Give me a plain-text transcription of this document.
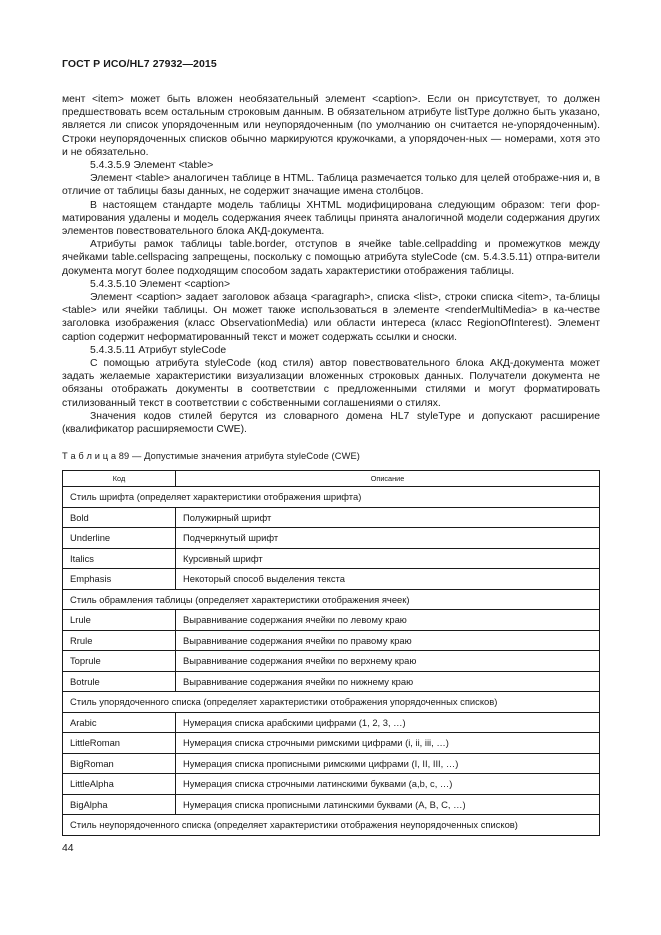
ГОСТ Р ИСО/HL7 27932—2015

мент <item> может быть вложен необязательный элемент <caption>. Если он присутствует, то должен предшествовать всем остальным строковым данным. В обязательном атрибуте listType должно быть указано, является ли список упорядоченным или неупорядоченным (по умолчанию он считается не-упорядоченным). Строки неупорядоченных списков обычно маркируются кружочками, а упорядочен-ных — номерами, хотя это и не обязательно.

5.4.3.5.9 Элемент <table>

Элемент <table> аналогичен таблице в HTML. Таблица размечается только для целей отображе-ния и, в отличие от таблицы базы данных, не содержит значащие имена столбцов.

В настоящем стандарте модель таблицы XHTML модифицирована следующим образом: теги фор-матирования удалены и модель содержания ячеек таблицы принята аналогичной модели содержания других элементов повествовательного блока АКД-документа.

Атрибуты рамок таблицы table.border, отступов в ячейке table.cellpadding и промежутков между ячейками table.cellspacing запрещены, поскольку с помощью атрибута styleCode (см. 5.4.3.5.11) отпра-вители документа могут более подходящим способом задать характеристики отображения таблицы.

5.4.3.5.10 Элемент <caption>

Элемент <caption> задает заголовок абзаца <paragraph>, списка <list>, строки списка <item>, та-блицы <table> или ячейки таблицы. Он может также использоваться в элементе <renderMultiMedia> в ка-честве заголовка изображения (класс ObservationMedia) или области интереса (класс RegionOfInterest). Элемент caption содержит неформатированный текст и может содержать ссылки и сноски.

5.4.3.5.11 Атрибут styleCode

С помощью атрибута styleCode (код стиля) автор повествовательного блока АКД-документа может задать желаемые характеристики визуализации вложенных строковых данных. Получатели документа не обязаны отображать документы в соответствии с предложенными стилями и могут форматировать стилизованный текст в соответствии с собственными соглашениями о стилях.

Значения кодов стилей берутся из словарного домена HL7 styleType и допускают расширение (квалификатор расширяемости CWE).

Т а б л и ц а 89 — Допустимые значения атрибута styleCode (CWE)
Код	Описание
Стиль шрифта (определяет характеристики отображения шрифта)	
Bold	Полужирный шрифт
Underline	Подчеркнутый шрифт
Italics	Курсивный шрифт
Emphasis	Некоторый способ выделения текста
Стиль обрамления таблицы (определяет характеристики отображения ячеек)	
Lrule	Выравнивание содержания ячейки по левому краю
Rrule	Выравнивание содержания ячейки по правому краю
Toprule	Выравнивание содержания ячейки по верхнему краю
Botrule	Выравнивание содержания ячейки по нижнему краю
Стиль упорядоченного списка (определяет характеристики отображения упорядоченных списков)	
Arabic	Нумерация списка арабскими цифрами (1, 2, 3, …)
LittleRoman	Нумерация списка строчными римскими цифрами (i, ii, iii, …)
BigRoman	Нумерация списка прописными римскими цифрами (I, II, III, …)
LittleAlpha	Нумерация списка строчными латинскими буквами (a,b, c, …)
BigAlpha	Нумерация списка прописными латинскими буквами (A, B, C, …)
Стиль неупорядоченного списка (определяет характеристики отображения неупорядоченных списков)	
44
